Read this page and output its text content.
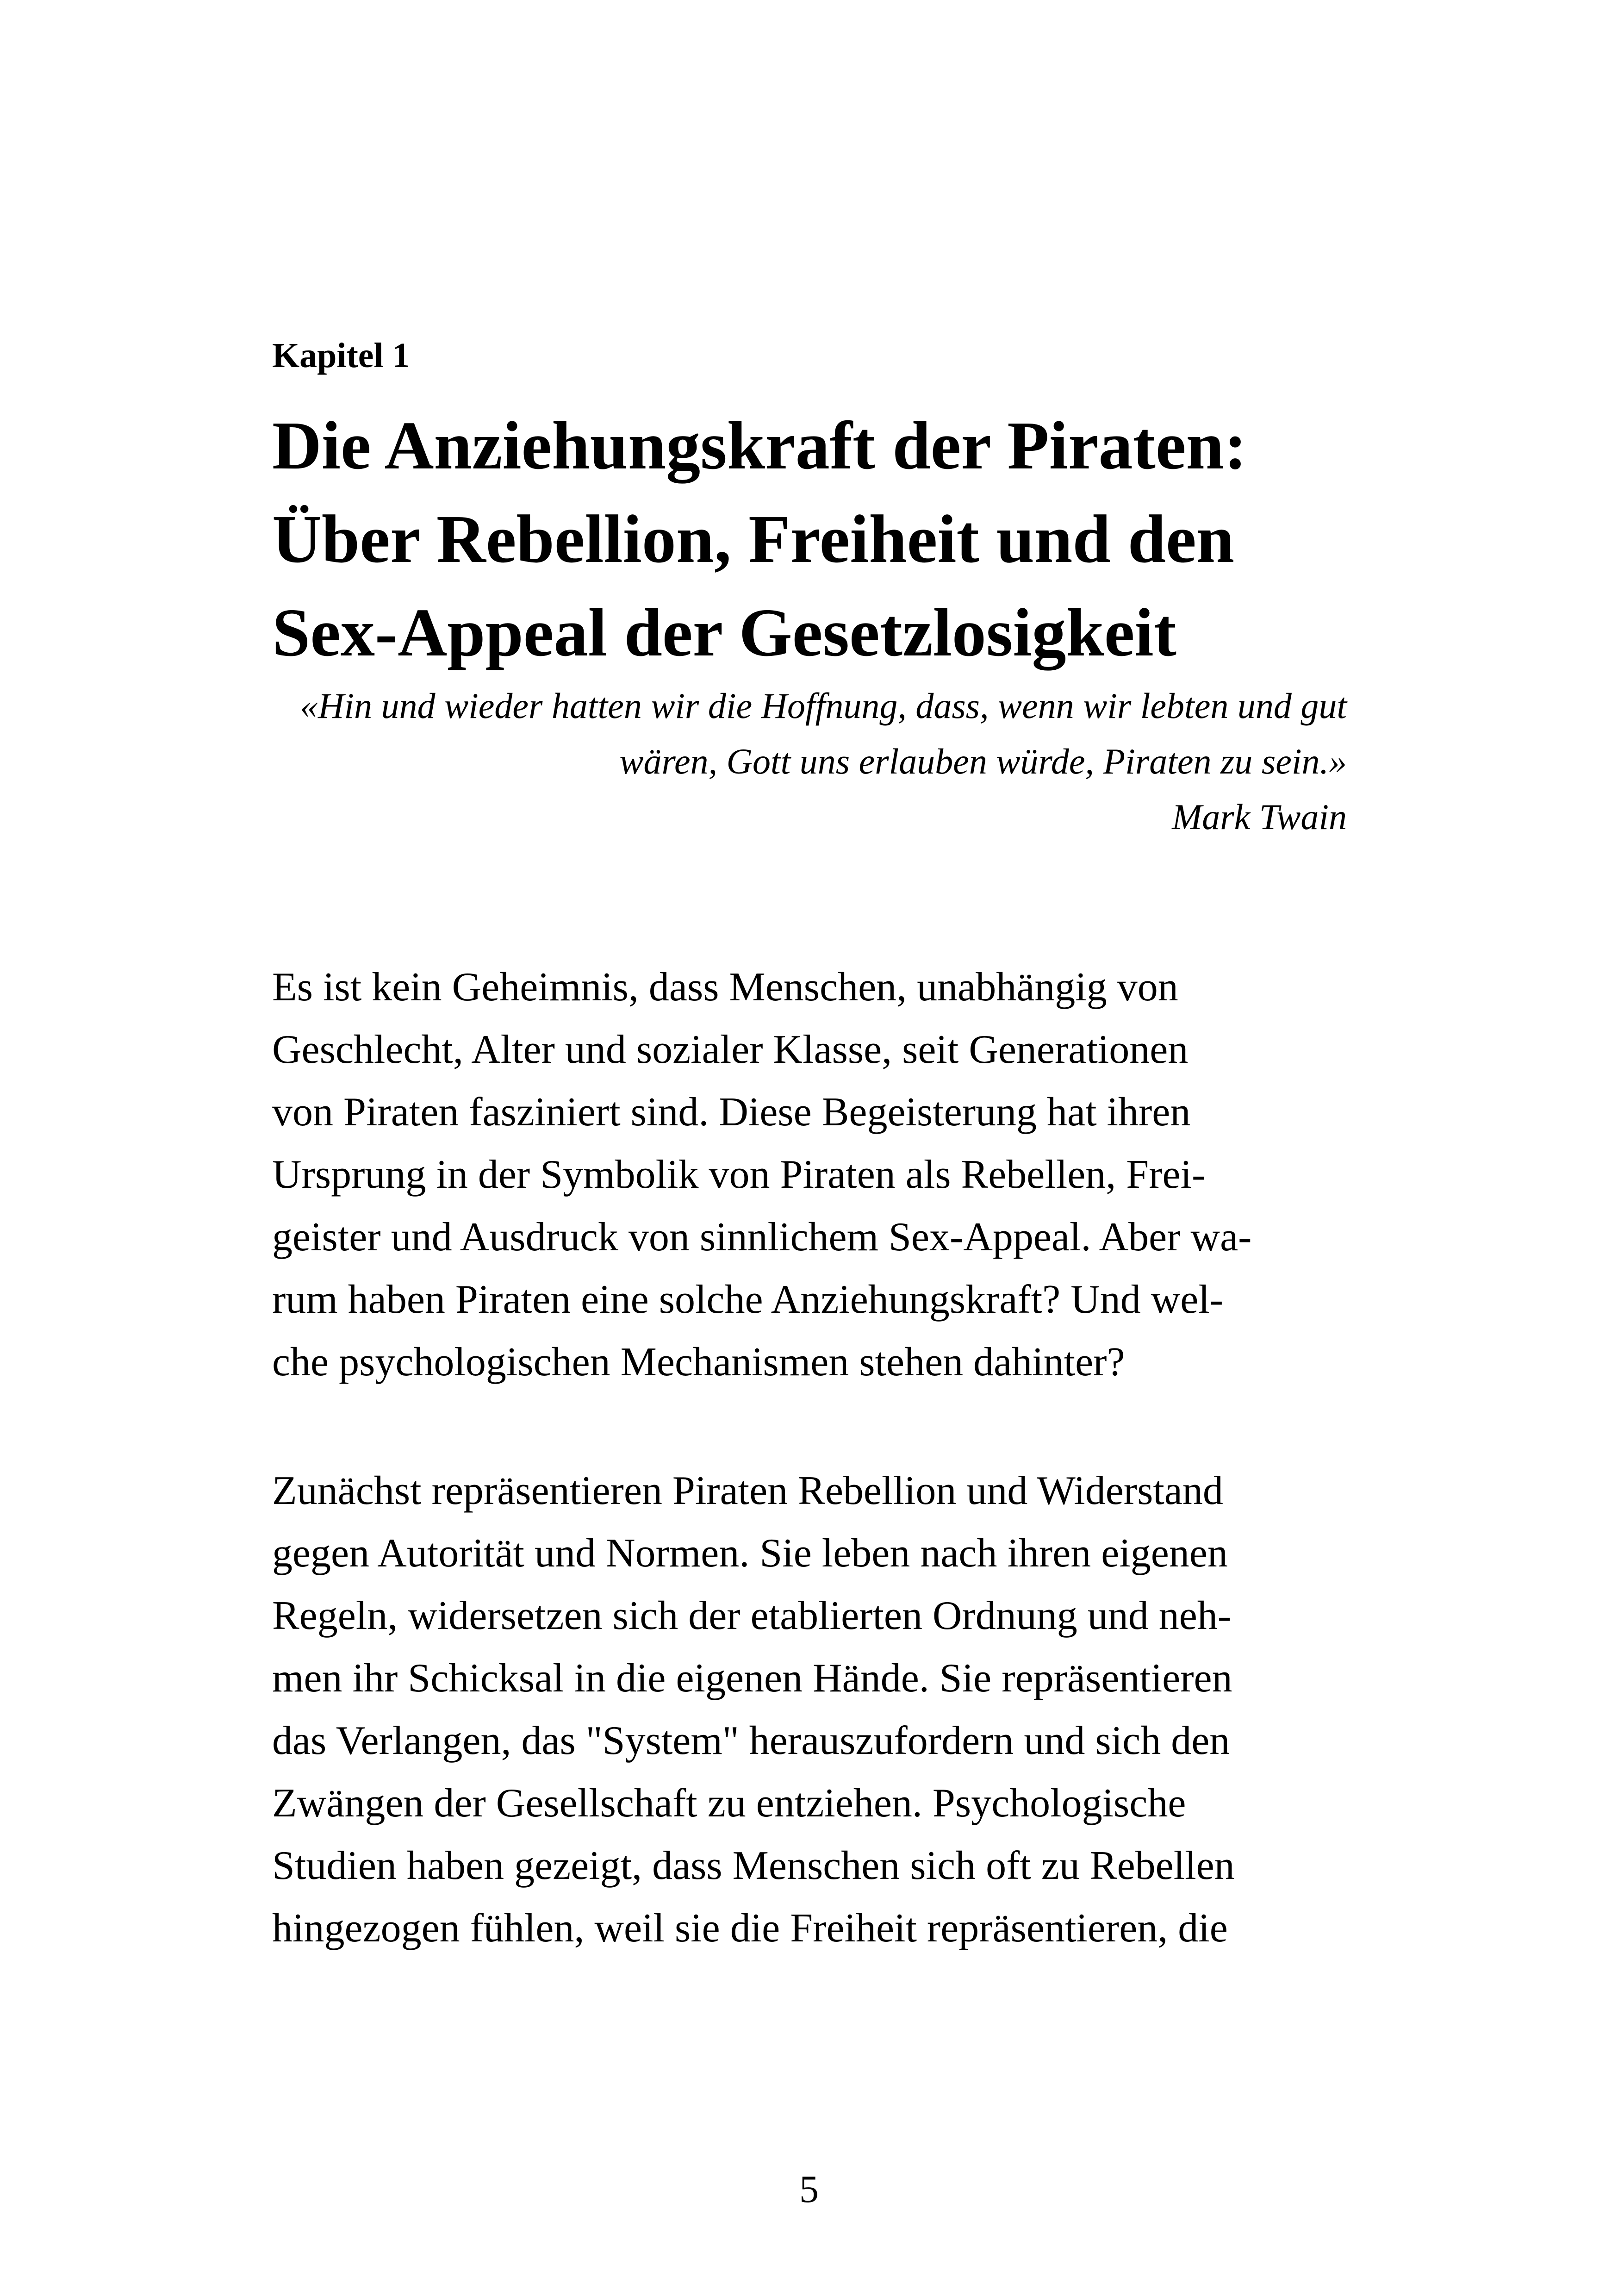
Kapitel 1
Die Anziehungskraft der Piraten:
Über Rebellion, Freiheit und den
Sex-Appeal der Gesetzlosigkeit
«Hin und wieder hatten wir die Hoffnung, dass, wenn wir lebten und gut
wären, Gott uns erlauben würde, Piraten zu sein.»
Mark Twain

Es ist kein Geheimnis, dass Menschen, unabhängig von
Geschlecht, Alter und sozialer Klasse, seit Generationen
von Piraten fasziniert sind. Diese Begeisterung hat ihren
Ursprung in der Symbolik von Piraten als Rebellen, Frei-
geister und Ausdruck von sinnlichem Sex-Appeal. Aber wa-
rum haben Piraten eine solche Anziehungskraft? Und wel-
che psychologischen Mechanismen stehen dahinter?

Zunächst repräsentieren Piraten Rebellion und Widerstand
gegen Autorität und Normen. Sie leben nach ihren eigenen
Regeln, widersetzen sich der etablierten Ordnung und neh-
men ihr Schicksal in die eigenen Hände. Sie repräsentieren
das Verlangen, das "System" herauszufordern und sich den
Zwängen der Gesellschaft zu entziehen. Psychologische
Studien haben gezeigt, dass Menschen sich oft zu Rebellen
hingezogen fühlen, weil sie die Freiheit repräsentieren, die

5
